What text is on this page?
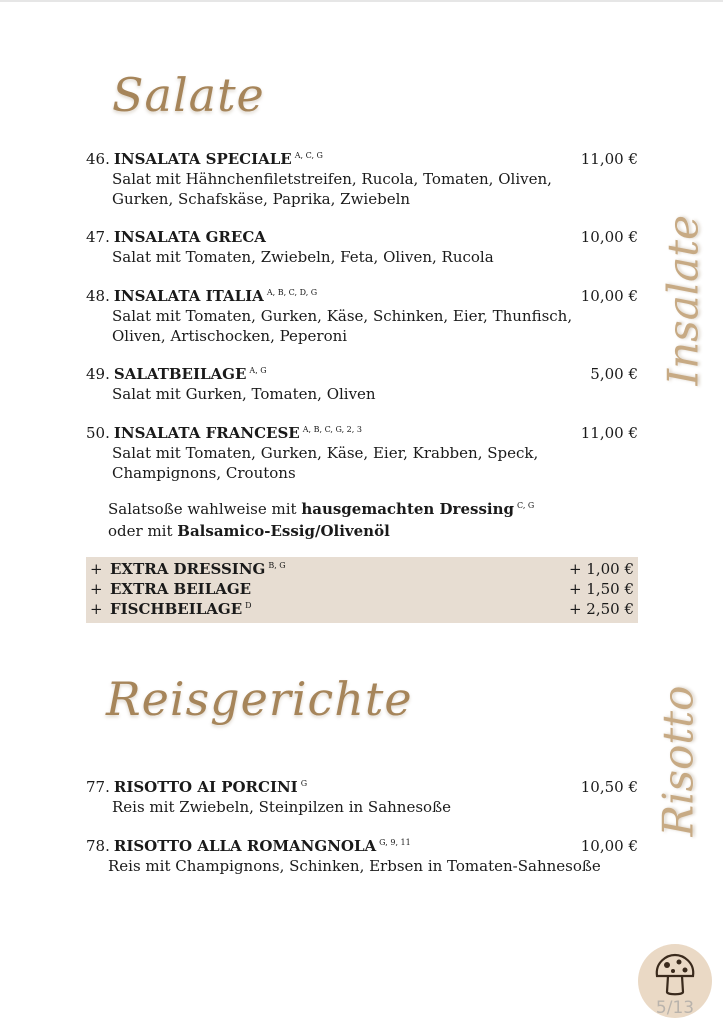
Salate
Insalate
46. INSALATA SPECIALE $^{A, C, G}$	11,00 €
Salat mit Hähnchenfiletstreifen, Rucola, Tomaten, Oliven, Gurken, Schafskäse, Paprika, Zwiebeln
47. INSALATA GRECA	10,00 €
Salat mit Tomaten, Zwiebeln, Feta, Oliven, Rucola
48. INSALATA ITALIA $^{A, B, C, D, G}$	10,00 €
Salat mit Tomaten, Gurken, Käse, Schinken, Eier, Thunfisch, Oliven, Artischocken, Peperoni
49. SALATBEILAGE $^{A, G}$	5,00 €
Salat mit Gurken, Tomaten, Oliven
50. INSALATA FRANCESE $^{A, B, C, G, 2, 3}$	11,00 €
Salat mit Tomaten, Gurken, Käse, Eier, Krabben, Speck, Champignons, Croutons
Salatsoße wahlweise mit hausgemachten Dressing $^{C, G}$
oder mit Balsamico-Essig/Olivenöl
+ EXTRA DRESSING $^{B, G}$	+ 1,00 €
+ EXTRA BEILAGE	+ 1,50 €
+ FISCHBEILAGE $^D$	+ 2,50 €
Reisgerichte	Risotto
77. RISOTTO AI PORCINI $^G$	10,50 €
Reis mit Zwiebeln, Steinpilzen in Sahnesoße
78. RISOTTO ALLA ROMANGNOLA $^{G, 9, 11}$	10,00 €
Reis mit Champignons, Schinken, Erbsen in Tomaten-Sahnesoße
5/13
